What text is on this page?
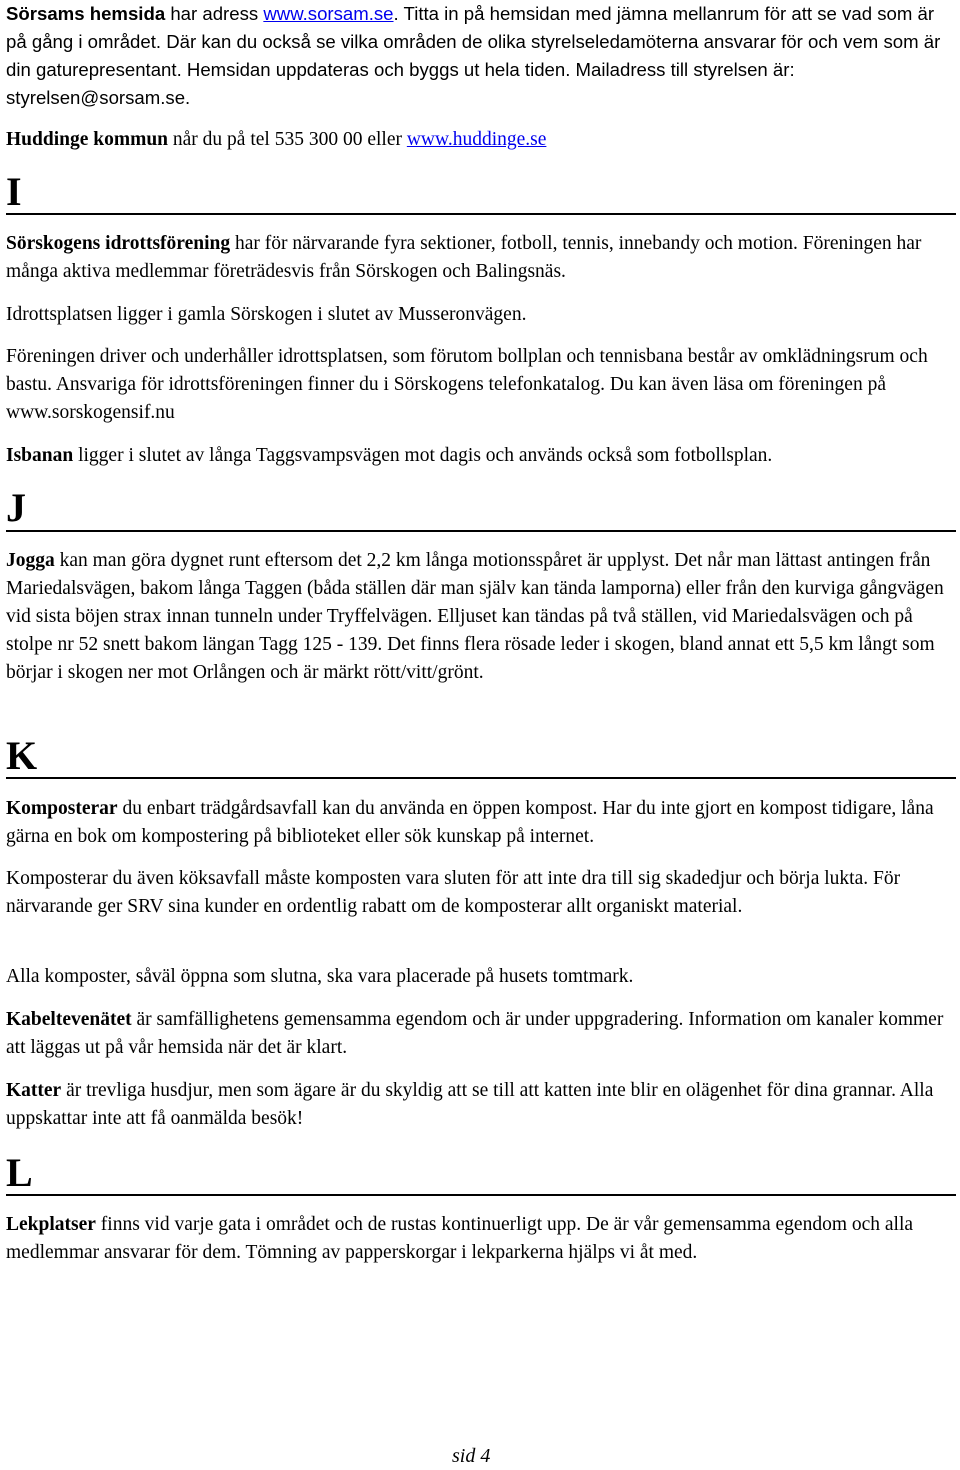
Sörsams hemsida har adress www.sorsam.se. Titta in på hemsidan med jämna mellanrum för att se vad som är på gång i området. Där kan du också se vilka områden de olika styrelseledamöterna ansvarar för och vem som är din gaturepresentant. Hemsidan uppdateras och byggs ut hela tiden. Mailadress till styrelsen är: styrelsen@sorsam.se.

Huddinge kommun når du på tel 535 300 00 eller www.huddinge.se

I

Sörskogens idrottsförening har för närvarande fyra sektioner, fotboll, tennis, innebandy och motion. Föreningen har många aktiva medlemmar företrädesvis från Sörskogen och Balingsnäs.

Idrottsplatsen ligger i gamla Sörskogen i slutet av Musseronvägen.

Föreningen driver och underhåller idrottsplatsen, som förutom bollplan och tennisbana består av omklädningsrum och bastu. Ansvariga för idrottsföreningen finner du i Sörskogens telefonkatalog. Du kan även läsa om föreningen på www.sorskogensif.nu

Isbanan ligger i slutet av långa Taggsvampsvägen mot dagis och används också som fotbollsplan.

J

Jogga kan man göra dygnet runt eftersom det 2,2 km långa motionsspåret är upplyst. Det når man lättast antingen från Mariedalsvägen, bakom långa Taggen (båda ställen där man själv kan tända lamporna) eller från den kurviga gångvägen vid sista böjen strax innan tunneln under Tryffelvägen. Elljuset kan tändas på två ställen, vid Mariedalsvägen och på stolpe nr 52 snett bakom längan Tagg 125 - 139. Det finns flera rösade leder i skogen, bland annat ett 5,5 km långt som börjar i skogen ner mot Orlången och är märkt rött/vitt/grönt.

K

Komposterar du enbart trädgårdsavfall kan du använda en öppen kompost. Har du inte gjort en kompost tidigare, låna gärna en bok om kompostering på biblioteket eller sök kunskap på internet.

Komposterar du även köksavfall måste komposten vara sluten för att inte dra till sig skadedjur och börja lukta. För närvarande ger SRV sina kunder en ordentlig rabatt om de komposterar allt organiskt material.

Alla komposter, såväl öppna som slutna, ska vara placerade på husets tomtmark.

Kabeltevenätet är samfällighetens gemensamma egendom och är under uppgradering. Information om kanaler kommer att läggas ut på vår hemsida när det är klart.

Katter är trevliga husdjur, men som ägare är du skyldig att se till att katten inte blir en olägenhet för dina grannar. Alla uppskattar inte att få oanmälda besök!

L

Lekplatser finns vid varje gata i området och de rustas kontinuerligt upp. De är vår gemensamma egendom och alla medlemmar ansvarar för dem. Tömning av papperskorgar i lekparkerna hjälps vi åt med.

sid 4
